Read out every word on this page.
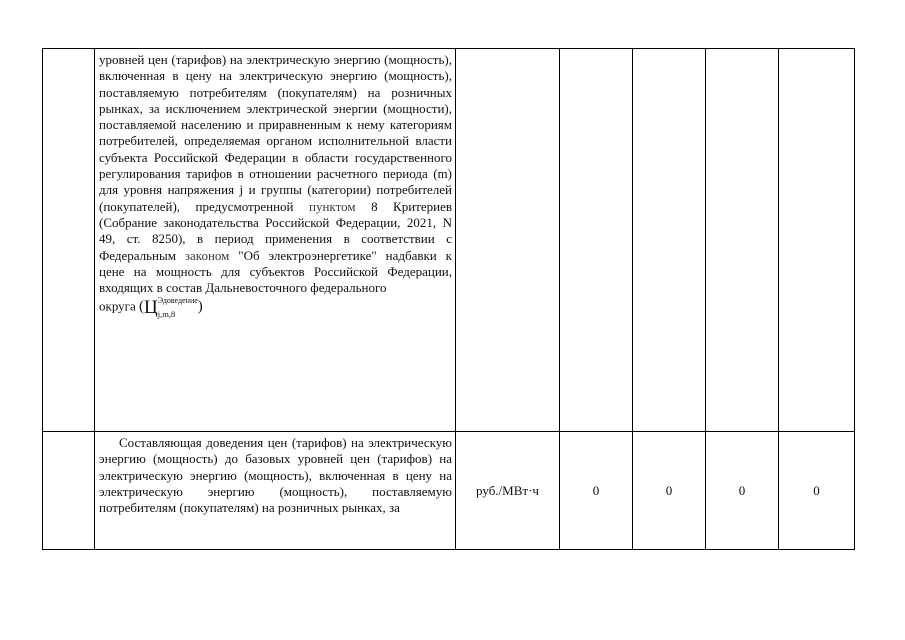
	уровней цен (тарифов) на электрическую энергию (мощность), включенная в цену на электрическую энергию (мощность), поставляемую потребителям (покупателям) на розничных рынках, за исключением электрической энергии (мощности), поставляемой населению и приравненным к нему категориям потребителей, определяемая органом исполнительной власти субъекта Российской Федерации в области государственного регулирования тарифов в отношении расчетного периода (m) для уровня напряжения j и группы (категории) потребителей (покупателей), предусмотренной пунктом 8 Критериев (Собрание законодательства Российской Федерации, 2021, N 49, ст. 8250), в период применения в соответствии с Федеральным законом "Об электроэнергетике" надбавки к цене на мощность для субъектов Российской Федерации, входящих в состав Дальневосточного федерального
округа (Ц Эдоведение
j,m,8 )					

	Составляющая доведения цен (тарифов) на электрическую энергию (мощность) до базовых уровней цен (тарифов) на электрическую энергию (мощность), включенная в цену на электрическую энергию (мощность), поставляемую потребителям (покупателям) на розничных рынках, за	руб./МВт·ч	0	0	0	0
